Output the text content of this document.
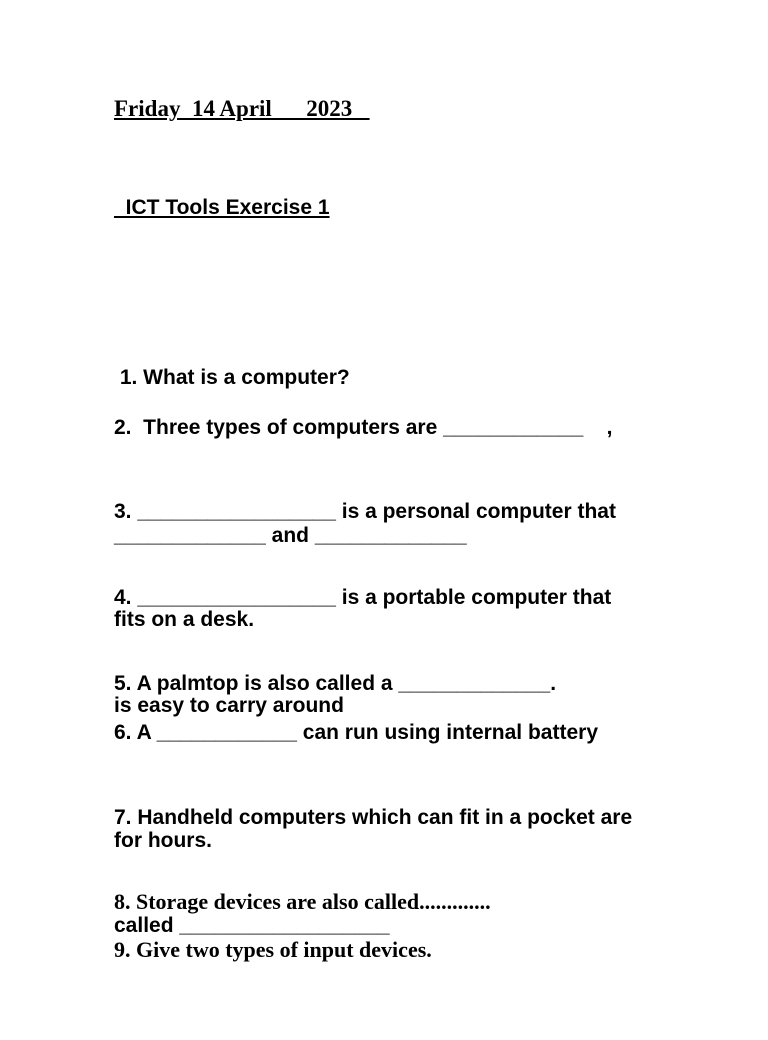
Friday  14 April      2023
ICT Tools Exercise 1

1. What is a computer?

2.  Three types of computers are ____________    ,

_____________ and _____________

3. _________________ is a personal computer that

fits on a desk.

4. _________________ is a portable computer that

is easy to carry around

5. A palmtop is also called a _____________.

6. A ____________ can run using internal battery

for hours.

7. Handheld computers which can fit in a pocket are

called __________________

8. Storage devices are also called.............

9. Give two types of input devices.
